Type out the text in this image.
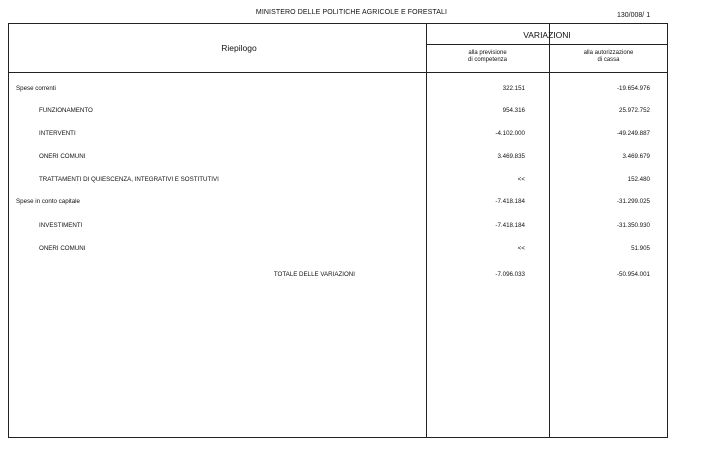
MINISTERO DELLE POLITICHE AGRICOLE E FORESTALI	130/008/ 1
Riepilogo
VARIAZIONI
alla previsione
di competenza
alla autorizzazione
di cassa
Spese correnti	322.151	-19.654.976
FUNZIONAMENTO	954.316	25.972.752
INTERVENTI	-4.102.000	-49.249.887
ONERI COMUNI	3.469.835	3.469.679
TRATTAMENTI DI QUIESCENZA, INTEGRATIVI E SOSTITUTIVI	<<	152.480
Spese in conto capitale	-7.418.184	-31.299.025
INVESTIMENTI	-7.418.184	-31.350.930
ONERI COMUNI	<<	51.905
TOTALE DELLE VARIAZIONI	-7.096.033	-50.954.001
